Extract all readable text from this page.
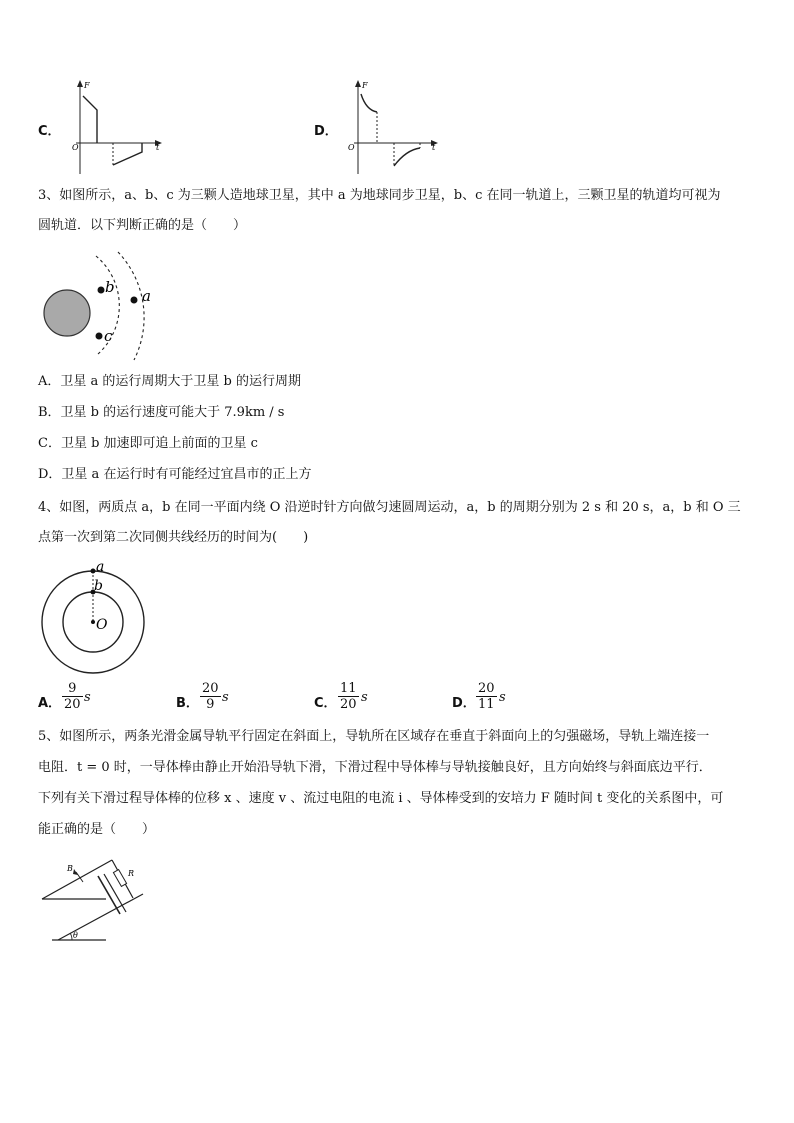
C．
F
O	t
D．
F
O	t
3、如图所示，a、b、c 为三颗人造地球卫星，其中 a 为地球同步卫星，b、c 在同一轨道上，三颗卫星的轨道均可视为
圆轨道．以下判断正确的是（　　）
b
c
a
A．卫星 a 的运行周期大于卫星 b 的运行周期
B．卫星 b 的运行速度可能大于 7.9km / s
C．卫星 b 加速即可追上前面的卫星 c
D．卫星 a 在运行时有可能经过宜昌市的正上方
4、如图，两质点 a，b 在同一平面内绕 O 沿逆时针方向做匀速圆周运动，a，b 的周期分别为 2 s 和 20 s，a，b 和 O 三
点第一次到第二次同侧共线经历的时间为(　　)
a
b
O
A． $\frac{9}{20}$ s	B． $\frac{20}{9}$ s	C． $\frac{11}{20}$ s	D． $\frac{20}{11}$ s
5、如图所示，两条光滑金属导轨平行固定在斜面上，导轨所在区域存在垂直于斜面向上的匀强磁场，导轨上端连接一
电阻．t = 0 时，一导体棒由静止开始沿导轨下滑，下滑过程中导体棒与导轨接触良好，且方向始终与斜面底边平行．
下列有关下滑过程导体棒的位移 x 、速度 v 、流过电阻的电流 i 、导体棒受到的安培力 F 随时间 t 变化的关系图中，可
能正确的是（　　）
B
R
θ
